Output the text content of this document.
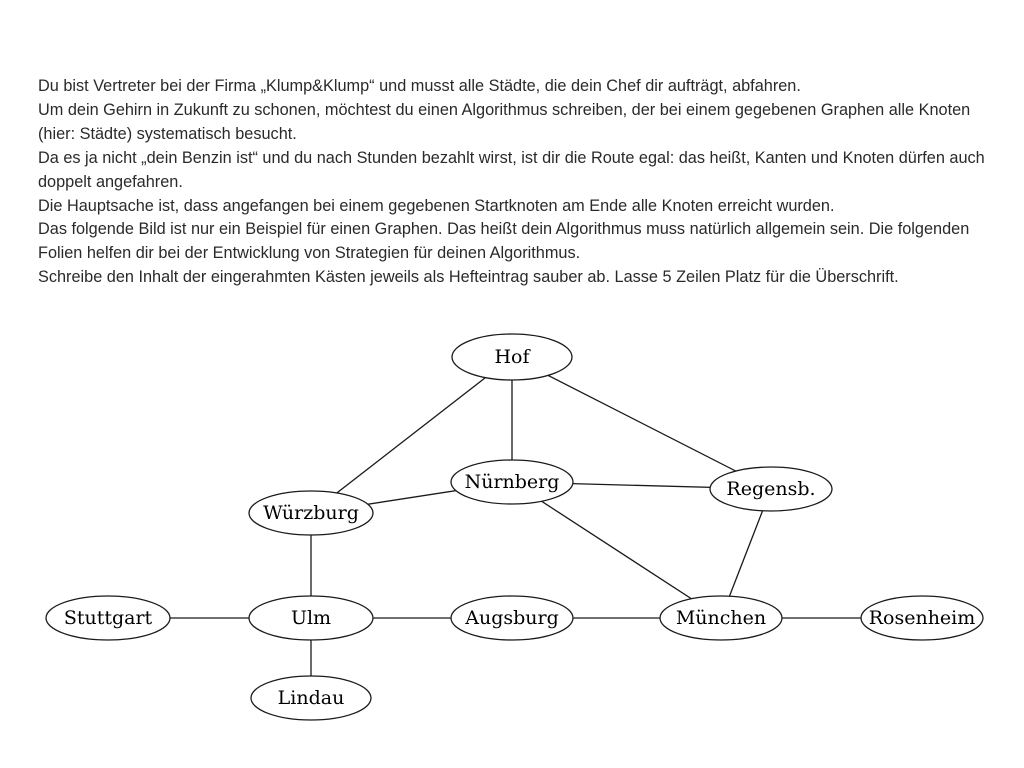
Du bist Vertreter bei der Firma „Klump&Klump“ und musst alle Städte, die dein Chef dir aufträgt, abfahren.

Um dein Gehirn in Zukunft zu schonen, möchtest du einen Algorithmus schreiben, der bei einem gegebenen Graphen alle Knoten (hier: Städte) systematisch besucht.

Da es ja nicht „dein Benzin ist“ und du nach Stunden bezahlt wirst, ist dir die Route egal: das heißt, Kanten und Knoten dürfen auch doppelt angefahren.

Die Hauptsache ist, dass angefangen bei einem gegebenen Startknoten am Ende alle Knoten erreicht wurden.

Das folgende Bild ist nur ein Beispiel für einen Graphen. Das heißt dein Algorithmus muss natürlich allgemein sein. Die folgenden Folien helfen dir bei der Entwicklung von Strategien für deinen Algorithmus.

Schreibe den Inhalt der eingerahmten Kästen jeweils als Hefteintrag sauber ab. Lasse 5 Zeilen Platz für die Überschrift.

Hof
Nürnberg	Regensb.
Würzburg
Stuttgart	Ulm	Augsburg	München	Rosenheim
Lindau
